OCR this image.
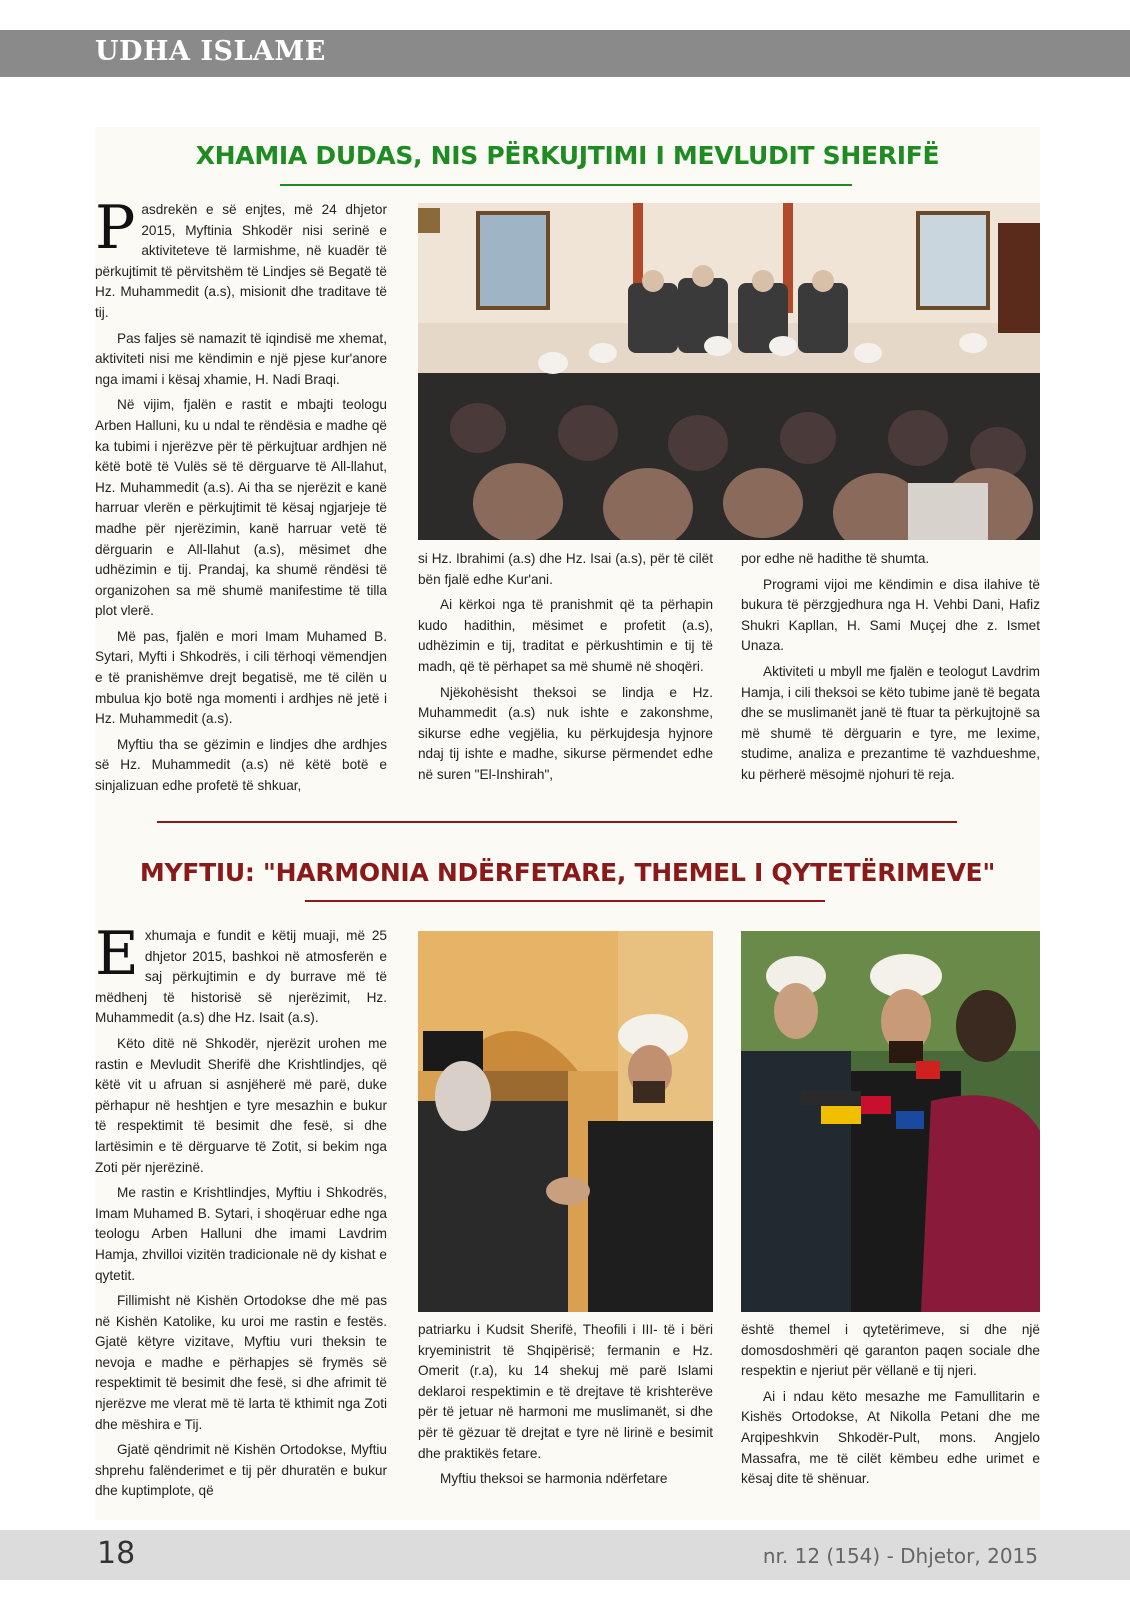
UDHA ISLAME
XHAMIA DUDAS, NIS PËRKUJTIMI I MEVLUDIT SHERIFË

Pasdrekën e së enjtes, më 24 dhjetor 2015, Myftinia Shkodër nisi serinë e aktiviteteve të larmishme, në kuadër të përkujtimit të përvitshëm të Lindjes së Begatë të Hz. Muhammedit (a.s), misionit dhe traditave të tij.

Pas faljes së namazit të iqindisë me xhemat, aktiviteti nisi me këndimin e një pjese kur'anore nga imami i kësaj xhamie, H. Nadi Braqi.

Në vijim, fjalën e rastit e mbajti teologu Arben Halluni, ku u ndal te rëndësia e madhe që ka tubimi i njerëzve për të përkujtuar ardhjen në këtë botë të Vulës së të dërguarve të All-llahut, Hz. Muhammedit (a.s). Ai tha se njerëzit e kanë harruar vlerën e përkujtimit të kësaj ngjarjeje të madhe për njerëzimin, kanë harruar vetë të dërguarin e All-llahut (a.s), mësimet dhe udhëzimin e tij. Prandaj, ka shumë rëndësi të organizohen sa më shumë manifestime të tilla plot vlerë.

Më pas, fjalën e mori Imam Muhamed B. Sytari, Myfti i Shkodrës, i cili tërhoqi vëmendjen e të pranishëmve drejt begatisë, me të cilën u mbulua kjo botë nga momenti i ardhjes në jetë i Hz. Muhammedit (a.s).

Myftiu tha se gëzimin e lindjes dhe ardhjes së Hz. Muhammedit (a.s) në këtë botë e sinjalizuan edhe profetë të shkuar,

si Hz. Ibrahimi (a.s) dhe Hz. Isai (a.s), për të cilët bën fjalë edhe Kur'ani.

Ai kërkoi nga të pranishmit që ta përhapin kudo hadithin, mësimet e profetit (a.s), udhëzimin e tij, traditat e përkushtimin e tij të madh, që të përhapet sa më shumë në shoqëri.

Njëkohësisht theksoi se lindja e Hz. Muhammedit (a.s) nuk ishte e zakonshme, sikurse edhe vegjëlia, ku përkujdesja hyjnore ndaj tij ishte e madhe, sikurse përmendet edhe në suren "El-Inshirah",

por edhe në hadithe të shumta.

Programi vijoi me këndimin e disa ilahive të bukura të përzgjedhura nga H. Vehbi Dani, Hafiz Shukri Kapllan, H. Sami Muçej dhe z. Ismet Unaza.

Aktiviteti u mbyll me fjalën e teologut Lavdrim Hamja, i cili theksoi se këto tubime janë të begata dhe se muslimanët janë të ftuar ta përkujtojnë sa më shumë të dërguarin e tyre, me lexime, studime, analiza e prezantime të vazhdueshme, ku përherë mësojmë njohuri të reja.

MYFTIU: "HARMONIA NDËRFETARE, THEMEL I QYTETËRIMEVE"

Exhumaja e fundit e këtij muaji, më 25 dhjetor 2015, bashkoi në atmosferën e saj përkujtimin e dy burrave më të mëdhenj të historisë së njerëzimit, Hz. Muhammedit (a.s) dhe Hz. Isait (a.s).

Këto ditë në Shkodër, njerëzit urohen me rastin e Mevludit Sherifë dhe Krishtlindjes, që këtë vit u afruan si asnjëherë më parë, duke përhapur në heshtjen e tyre mesazhin e bukur të respektimit të besimit dhe fesë, si dhe lartësimin e të dërguarve të Zotit, si bekim nga Zoti për njerëzinë.

Me rastin e Krishtlindjes, Myftiu i Shkodrës, Imam Muhamed B. Sytari, i shoqëruar edhe nga teologu Arben Halluni dhe imami Lavdrim Hamja, zhvilloi vizitën tradicionale në dy kishat e qytetit.

Fillimisht në Kishën Ortodokse dhe më pas në Kishën Katolike, ku uroi me rastin e festës. Gjatë këtyre vizitave, Myftiu vuri theksin te nevoja e madhe e përhapjes së frymës së respektimit të besimit dhe fesë, si dhe afrimit të njerëzve me vlerat më të larta të kthimit nga Zoti dhe mëshira e Tij.

Gjatë qëndrimit në Kishën Ortodokse, Myftiu shprehu falënderimet e tij për dhuratën e bukur dhe kuptimplote, që

patriarku i Kudsit Sherifë, Theofili i III- të i bëri kryeministrit të Shqipërisë; fermanin e Hz. Omerit (r.a), ku 14 shekuj më parë Islami deklaroi respektimin e të drejtave të krishterëve për të jetuar në harmoni me muslimanët, si dhe për të gëzuar të drejtat e tyre në lirinë e besimit dhe praktikës fetare.

Myftiu theksoi se harmonia ndërfetare

është themel i qytetërimeve, si dhe një domosdoshmëri që garanton paqen sociale dhe respektin e njeriut për vëllanë e tij njeri.

Ai i ndau këto mesazhe me Famullitarin e Kishës Ortodokse, At Nikolla Petani dhe me Arqipeshkvin Shkodër-Pult, mons. Angjelo Massafra, me të cilët këmbeu edhe urimet e kësaj dite të shënuar.

18	nr. 12 (154) - Dhjetor, 2015
